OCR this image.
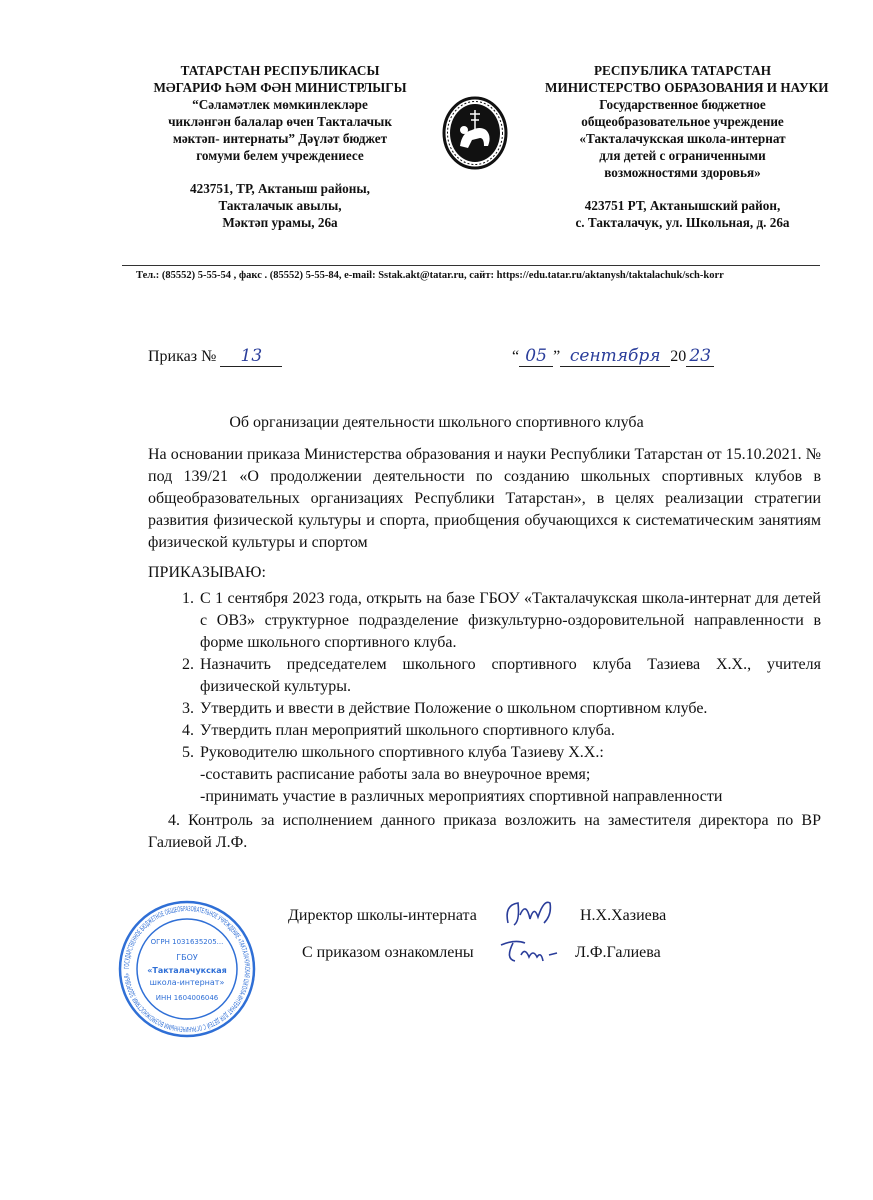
ТАТАРСТАН РЕСПУБЛИКАСЫ
МӘГАРИФ ҺӘМ ФӘН МИНИСТРЛЫГЫ
“Сәламәтлек мөмкинлекләре
чикләнгән балалар өчен Такталачык
мәктәп- интернаты” Дәүләт бюджет
гомуми белем учреждениесе
423751, ТР, Актаныш районы,
Такталачык авылы,
Мәктәп урамы, 26а
РЕСПУБЛИКА ТАТАРСТАН
МИНИСТЕРСТВО ОБРАЗОВАНИЯ И НАУКИ
Государственное бюджетное
общеобразовательное учреждение
«Такталачукская школа-интернат
для детей с ограниченными
возможностями здоровья»
423751 РТ, Актанышский район,
с. Такталачук, ул. Школьная, д. 26а
Тел.: (85552) 5-55-54 , факс . (85552) 5-55-84, e-mail: Sstak.akt@tatar.ru, сайт: https://edu.tatar.ru/aktanysh/taktalachuk/sch-korr
Приказ № 13	“ 05 ” сентября 20 23
Об организации деятельности школьного спортивного клуба

На основании приказа Министерства образования и науки Республики Татарстан от 15.10.2021. № под 139/21 «О продолжении деятельности по созданию школьных спортивных клубов в общеобразовательных организациях Республики Татарстан», в целях реализации стратегии развития физической культуры и спорта, приобщения обучающихся к систематическим занятиям физической культуры и спортом

ПРИКАЗЫВАЮ:
1. С 1 сентября 2023 года, открыть на базе ГБОУ «Такталачукская школа-интернат для детей с ОВЗ» структурное подразделение физкультурно-оздоровительной направленности в форме школьного спортивного клуба.
2. Назначить председателем школьного спортивного клуба Тазиева Х.Х., учителя физической культуры.
3. Утвердить и ввести в действие Положение о школьном спортивном клубе.
4. Утвердить план мероприятий школьного спортивного клуба.
5. Руководителю школьного спортивного клуба Тазиеву Х.Х.:
-составить расписание работы зала во внеурочное время;
-принимать участие в различных мероприятиях спортивной направленности

4. Контроль за исполнением данного приказа возложить на заместителя директора по ВР Галиевой Л.Ф.

ГОСУДАРСТВЕННОЕ БЮДЖЕТНОЕ ОБЩЕОБРАЗОВАТЕЛЬНОЕ УЧРЕЖДЕНИЕ «ТАКТАЛАЧУКСКАЯ ШКОЛА-ИНТЕРНАТ ДЛЯ ДЕТЕЙ С ОГРАНИЧЕННЫМИ ВОЗМОЖНОСТЯМИ ЗДОРОВЬЯ»
ОГРН 1031635205...
ГБОУ
«Такталачукская
школа-интернат»
ИНН 1604006046
Директор школы-интерната	Н.Х.Хазиева
С приказом ознакомлены	Л.Ф.Галиева
